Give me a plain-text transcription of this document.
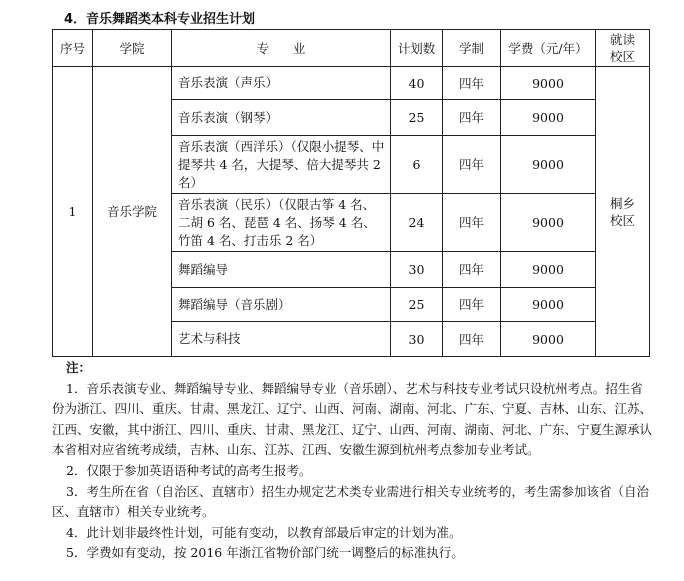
4．音乐舞蹈类本科专业招生计划
序号	学院	专      业	计划数	学制	学费（元/年）	就读校区
1	音乐学院	音乐表演（声乐）	40	四年	9000	桐乡校区
		音乐表演（钢琴）	25	四年	9000	
		音乐表演（西洋乐）（仅限小提琴、中提琴共 4 名，大提琴、倍大提琴共 2 名）	6	四年	9000	
		音乐表演（民乐）（仅限古筝 4 名、二胡 6 名、琵琶 4 名、扬琴 4 名、竹笛 4 名、打击乐 2 名）	24	四年	9000	
		舞蹈编导	30	四年	9000	
		舞蹈编导（音乐剧）	25	四年	9000	
		艺术与科技	30	四年	9000	
注：

1．音乐表演专业、舞蹈编导专业、舞蹈编导专业（音乐剧）、艺术与科技专业考试只设杭州考点。招生省份为浙江、四川、重庆、甘肃、黑龙江、辽宁、山西、河南、湖南、河北、广东、宁夏、吉林、山东、江苏、江西、安徽，其中浙江、四川、重庆、甘肃、黑龙江、辽宁、山西、河南、湖南、河北、广东、宁夏生源承认本省相对应省统考成绩，吉林、山东、江苏、江西、安徽生源到杭州考点参加专业考试。

2．仅限于参加英语语种考试的高考生报考。

3．考生所在省（自治区、直辖市）招生办规定艺术类专业需进行相关专业统考的，考生需参加该省（自治区、直辖市）相关专业统考。

4．此计划非最终性计划，可能有变动，以教育部最后审定的计划为准。

5．学费如有变动，按 2016 年浙江省物价部门统一调整后的标准执行。
